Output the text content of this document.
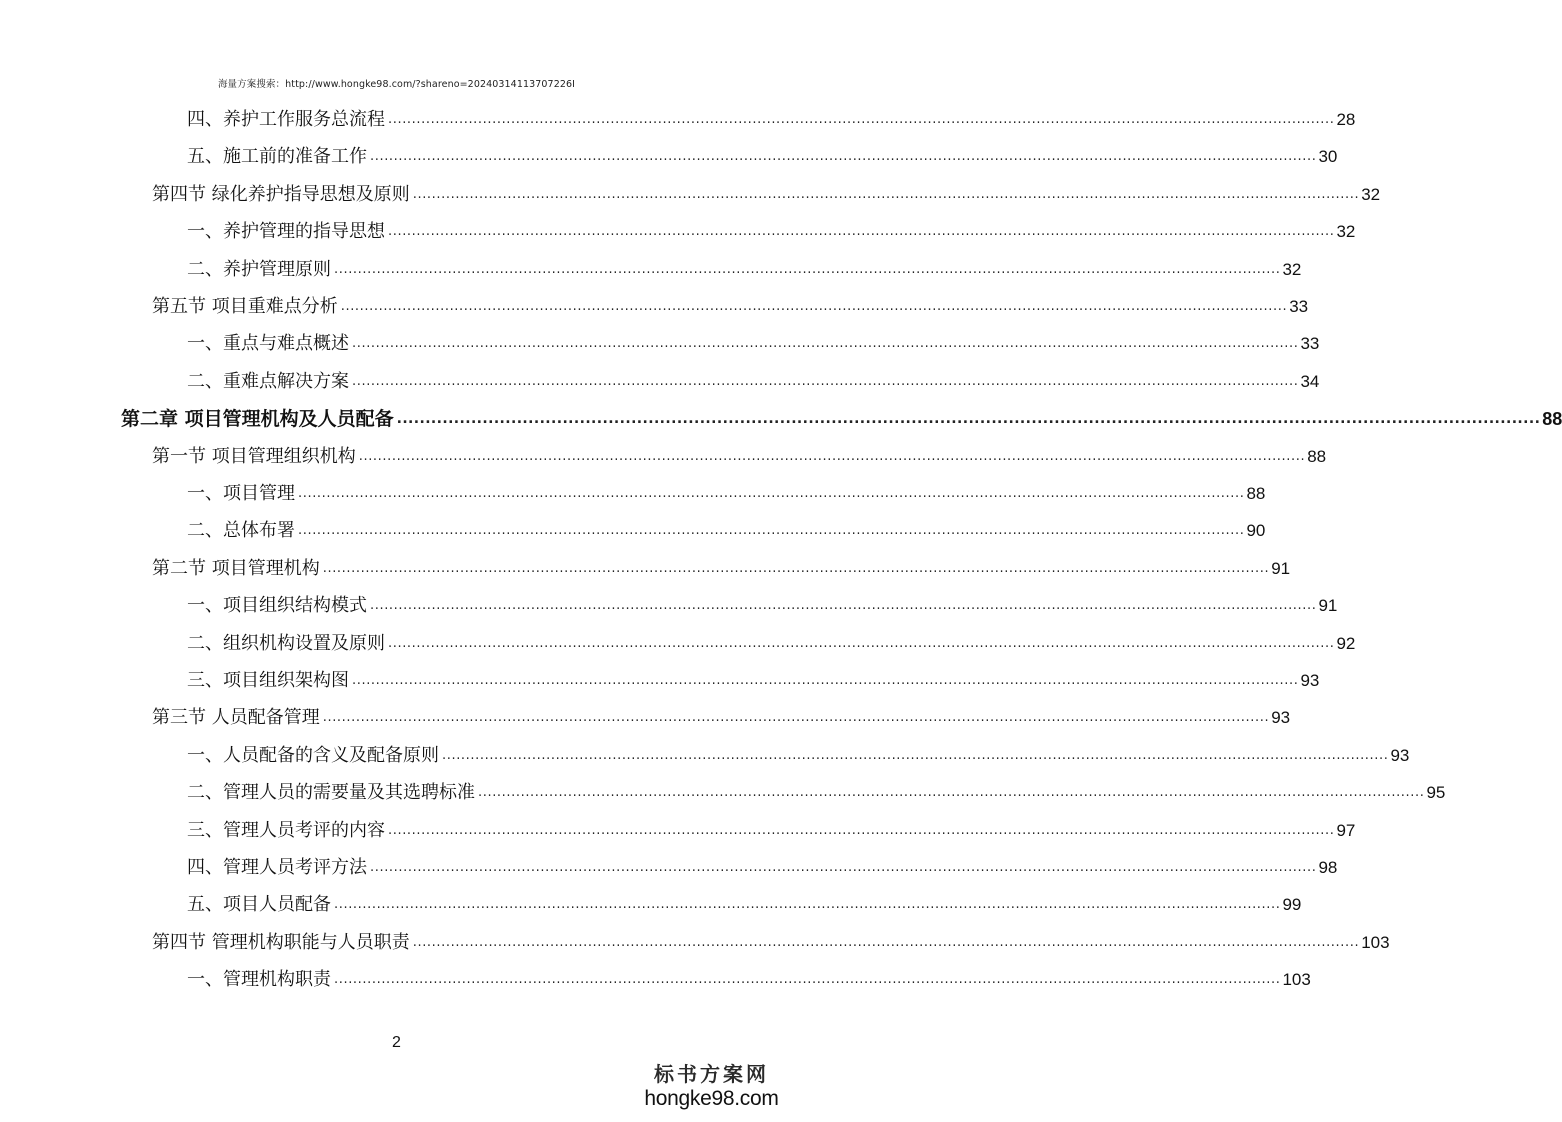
海量方案搜索：http://www.hongke98.com/?shareno=20240314113707226I
四、养护工作服务总流程 ........................................................................................................................................................................................................ 28
五、施工前的准备工作 ........................................................................................................................................................................................................ 30
第四节 绿化养护指导思想及原则 ........................................................................................................................................................................................................ 32
一、养护管理的指导思想 ........................................................................................................................................................................................................ 32
二、养护管理原则 ........................................................................................................................................................................................................ 32
第五节 项目重难点分析 ........................................................................................................................................................................................................ 33
一、重点与难点概述 ........................................................................................................................................................................................................ 33
二、重难点解决方案 ........................................................................................................................................................................................................ 34
第二章 项目管理机构及人员配备 ........................................................................................................................................................................................................ 88
第一节 项目管理组织机构 ........................................................................................................................................................................................................ 88
一、项目管理 ........................................................................................................................................................................................................ 88
二、总体布署 ........................................................................................................................................................................................................ 90
第二节 项目管理机构 ........................................................................................................................................................................................................ 91
一、项目组织结构模式 ........................................................................................................................................................................................................ 91
二、组织机构设置及原则 ........................................................................................................................................................................................................ 92
三、项目组织架构图 ........................................................................................................................................................................................................ 93
第三节 人员配备管理 ........................................................................................................................................................................................................ 93
一、人员配备的含义及配备原则 ........................................................................................................................................................................................................ 93
二、管理人员的需要量及其选聘标准 ........................................................................................................................................................................................................ 95
三、管理人员考评的内容 ........................................................................................................................................................................................................ 97
四、管理人员考评方法 ........................................................................................................................................................................................................ 98
五、项目人员配备 ........................................................................................................................................................................................................ 99
第四节 管理机构职能与人员职责 ........................................................................................................................................................................................................ 103
一、管理机构职责 ........................................................................................................................................................................................................ 103
2
标书方案网
hongke98.com
